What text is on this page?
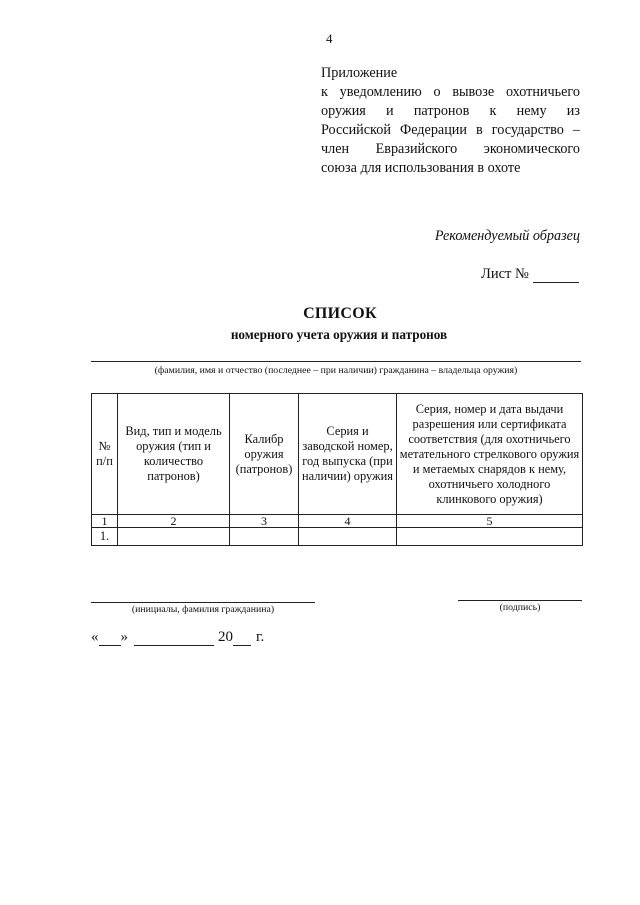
4
Приложение
к уведомлению о вывозе охотничьего
оружия и патронов к нему из
Российской Федерации в государство –
член Евразийского экономического
союза для использования в охоте
Рекомендуемый образец
Лист №
СПИСОК
номерного учета оружия и патронов
(фамилия, имя и отчество (последнее – при наличии) гражданина – владельца оружия)
№ п/п	Вид, тип и модель оружия (тип и количество патронов)	Калибр оружия (патронов)	Серия и заводской номер, год выпуска (при наличии) оружия	Серия, номер и дата выдачи разрешения или сертификата соответствия (для охотничьего метательного стрелкового оружия и метаемых снарядов к нему, охотничьего холодного клинкового оружия)
1	2	3	4	5
1.				
(инициалы, фамилия гражданина)	(подпись)
« »	20 г.
